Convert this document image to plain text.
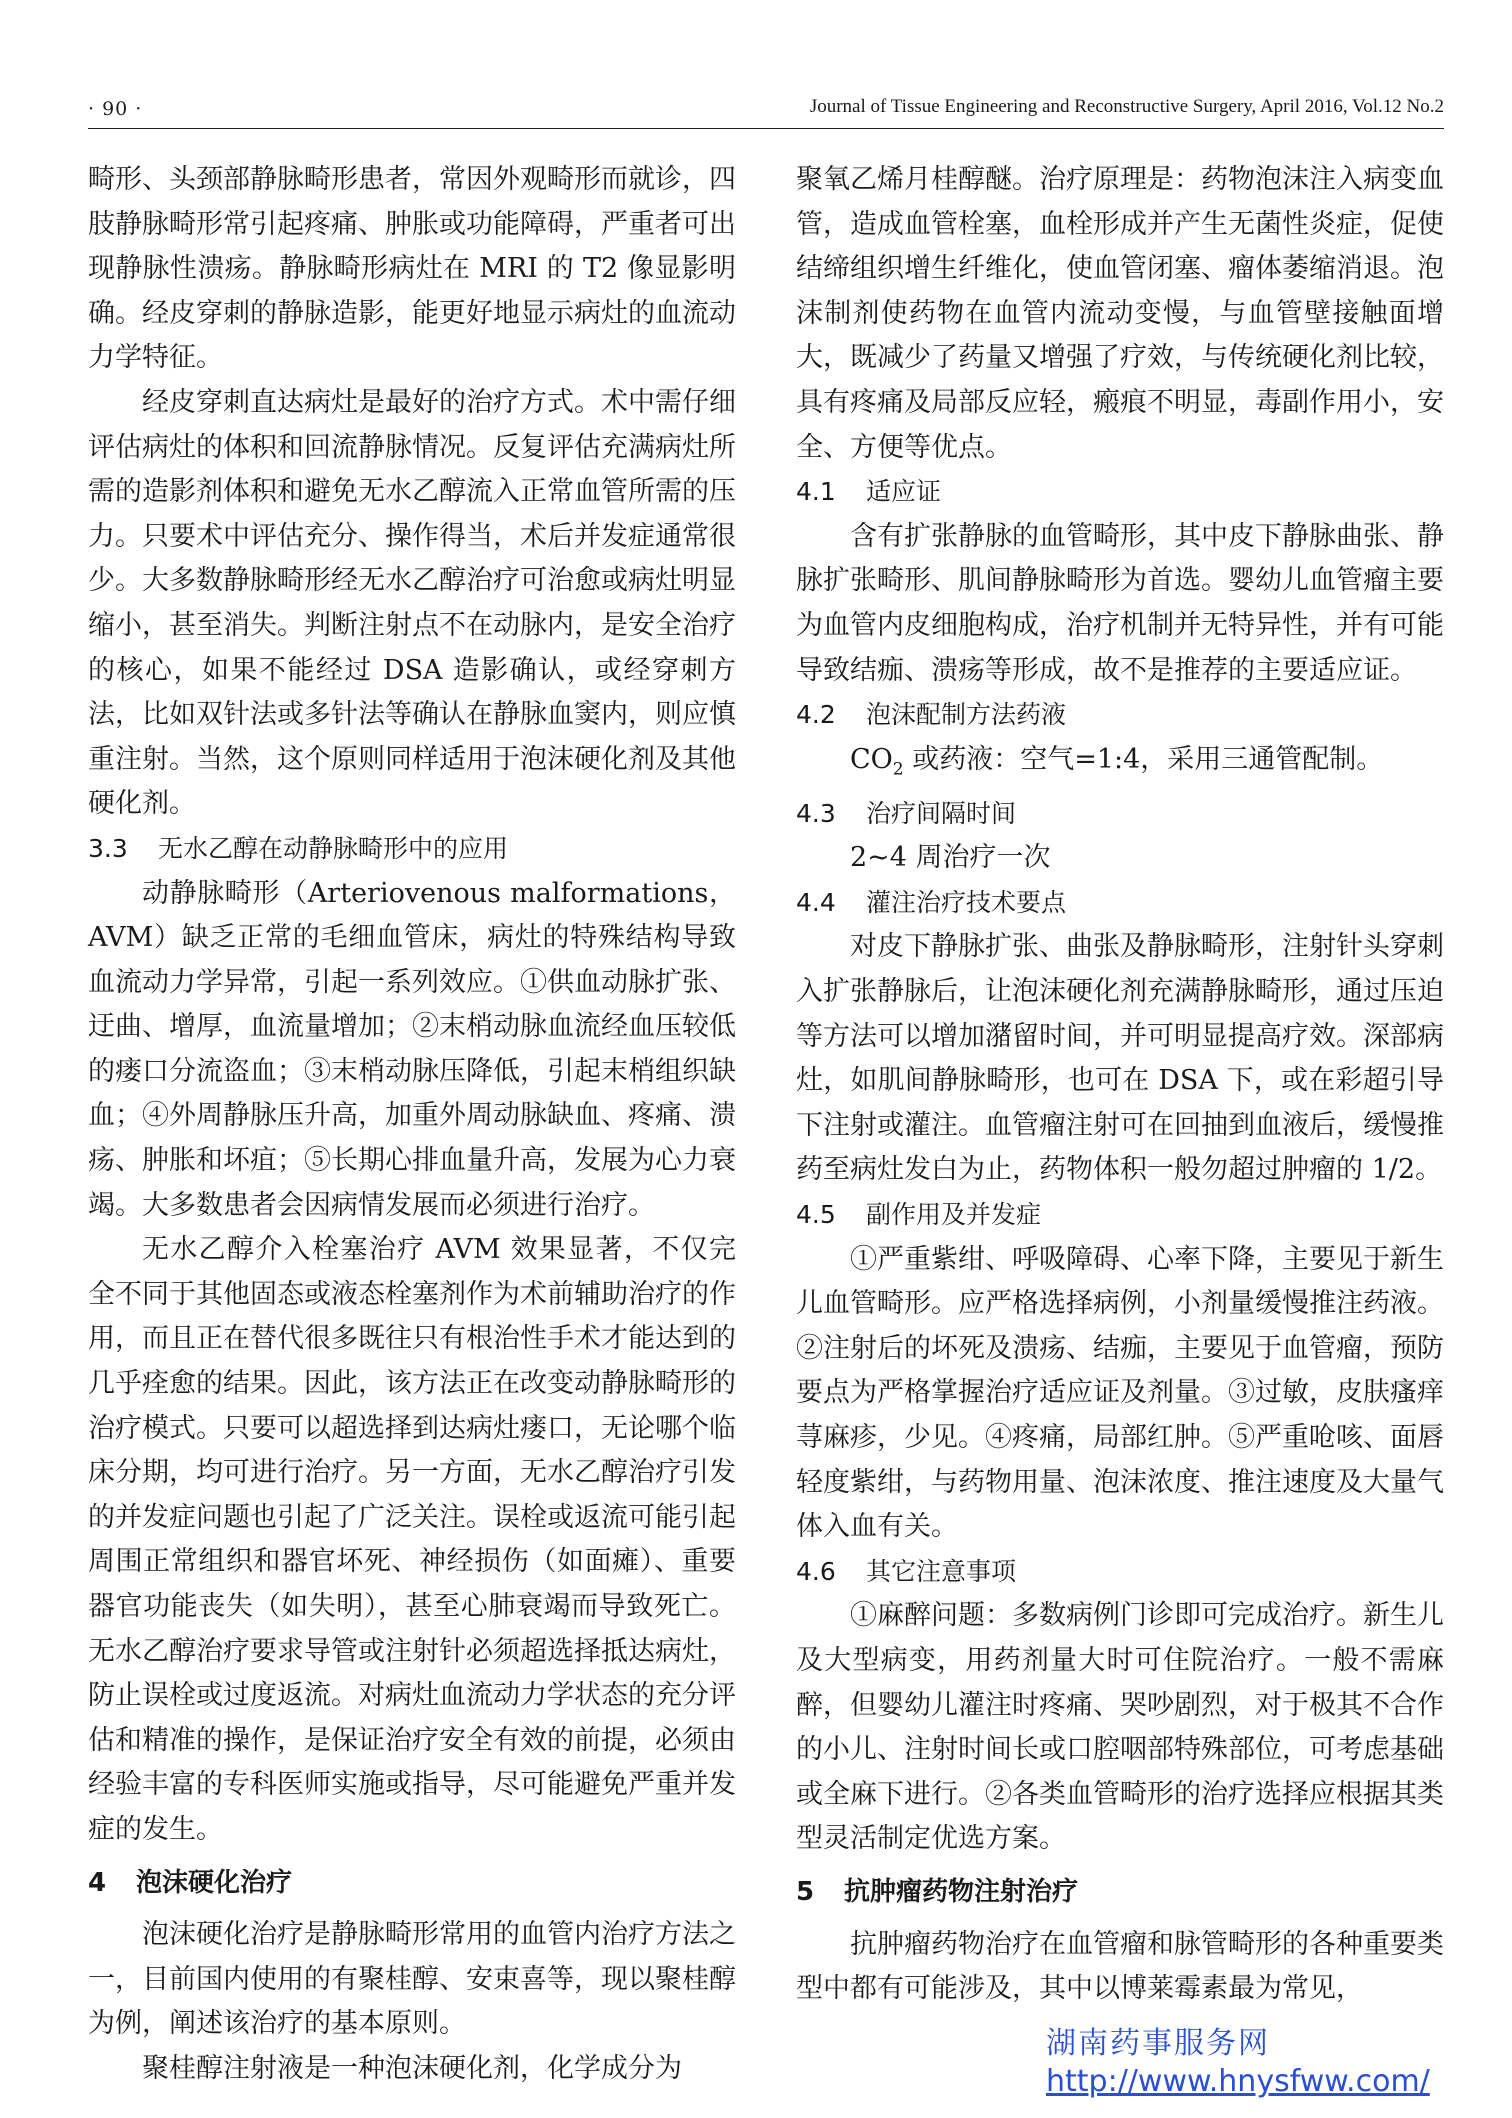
· 90 ·	Journal of Tissue Engineering and Reconstructive Surgery, April 2016, Vol.12 No.2

畸形、头颈部静脉畸形患者，常因外观畸形而就诊，四肢静脉畸形常引起疼痛、肿胀或功能障碍，严重者可出现静脉性溃疡。静脉畸形病灶在 MRI 的 T2 像显影明确。经皮穿刺的静脉造影，能更好地显示病灶的血流动力学特征。

经皮穿刺直达病灶是最好的治疗方式。术中需仔细评估病灶的体积和回流静脉情况。反复评估充满病灶所需的造影剂体积和避免无水乙醇流入正常血管所需的压力。只要术中评估充分、操作得当，术后并发症通常很少。大多数静脉畸形经无水乙醇治疗可治愈或病灶明显缩小，甚至消失。判断注射点不在动脉内，是安全治疗的核心，如果不能经过 DSA 造影确认，或经穿刺方法，比如双针法或多针法等确认在静脉血窦内，则应慎重注射。当然，这个原则同样适用于泡沫硬化剂及其他硬化剂。

3.3 无水乙醇在动静脉畸形中的应用

动静脉畸形（Arteriovenous malformations，AVM）缺乏正常的毛细血管床，病灶的特殊结构导致血流动力学异常，引起一系列效应。①供血动脉扩张、迂曲、增厚，血流量增加；②末梢动脉血流经血压较低的瘘口分流盗血；③末梢动脉压降低，引起末梢组织缺血；④外周静脉压升高，加重外周动脉缺血、疼痛、溃疡、肿胀和坏疽；⑤长期心排血量升高，发展为心力衰竭。大多数患者会因病情发展而必须进行治疗。

无水乙醇介入栓塞治疗 AVM 效果显著，不仅完全不同于其他固态或液态栓塞剂作为术前辅助治疗的作用，而且正在替代很多既往只有根治性手术才能达到的几乎痊愈的结果。因此，该方法正在改变动静脉畸形的治疗模式。只要可以超选择到达病灶瘘口，无论哪个临床分期，均可进行治疗。另一方面，无水乙醇治疗引发的并发症问题也引起了广泛关注。误栓或返流可能引起周围正常组织和器官坏死、神经损伤（如面瘫）、重要器官功能丧失（如失明），甚至心肺衰竭而导致死亡。无水乙醇治疗要求导管或注射针必须超选择抵达病灶，防止误栓或过度返流。对病灶血流动力学状态的充分评估和精准的操作，是保证治疗安全有效的前提，必须由经验丰富的专科医师实施或指导，尽可能避免严重并发症的发生。

4 泡沫硬化治疗

泡沫硬化治疗是静脉畸形常用的血管内治疗方法之一，目前国内使用的有聚桂醇、安束喜等，现以聚桂醇为例，阐述该治疗的基本原则。

聚桂醇注射液是一种泡沫硬化剂，化学成分为

聚氧乙烯月桂醇醚。治疗原理是：药物泡沫注入病变血管，造成血管栓塞，血栓形成并产生无菌性炎症，促使结缔组织增生纤维化，使血管闭塞、瘤体萎缩消退。泡沫制剂使药物在血管内流动变慢，与血管壁接触面增大，既减少了药量又增强了疗效，与传统硬化剂比较，具有疼痛及局部反应轻，瘢痕不明显，毒副作用小，安全、方便等优点。

4.1 适应证

含有扩张静脉的血管畸形，其中皮下静脉曲张、静脉扩张畸形、肌间静脉畸形为首选。婴幼儿血管瘤主要为血管内皮细胞构成，治疗机制并无特异性，并有可能导致结痂、溃疡等形成，故不是推荐的主要适应证。

4.2 泡沫配制方法药液

$CO_2$ 或药液：空气=1:4，采用三通管配制。

4.3 治疗间隔时间

2~4 周治疗一次

4.4 灌注治疗技术要点

对皮下静脉扩张、曲张及静脉畸形，注射针头穿刺入扩张静脉后，让泡沫硬化剂充满静脉畸形，通过压迫等方法可以增加潴留时间，并可明显提高疗效。深部病灶，如肌间静脉畸形，也可在 DSA 下，或在彩超引导下注射或灌注。血管瘤注射可在回抽到血液后，缓慢推药至病灶发白为止，药物体积一般勿超过肿瘤的 1/2。

4.5 副作用及并发症

①严重紫绀、呼吸障碍、心率下降，主要见于新生儿血管畸形。应严格选择病例，小剂量缓慢推注药液。②注射后的坏死及溃疡、结痂，主要见于血管瘤，预防要点为严格掌握治疗适应证及剂量。③过敏，皮肤瘙痒荨麻疹，少见。④疼痛，局部红肿。⑤严重呛咳、面唇轻度紫绀，与药物用量、泡沫浓度、推注速度及大量气体入血有关。

4.6 其它注意事项

①麻醉问题：多数病例门诊即可完成治疗。新生儿及大型病变，用药剂量大时可住院治疗。一般不需麻醉，但婴幼儿灌注时疼痛、哭吵剧烈，对于极其不合作的小儿、注射时间长或口腔咽部特殊部位，可考虑基础或全麻下进行。②各类血管畸形的治疗选择应根据其类型灵活制定优选方案。

5 抗肿瘤药物注射治疗

抗肿瘤药物治疗在血管瘤和脉管畸形的各种重要类型中都有可能涉及，其中以博莱霉素最为常见，

湖南药事服务网
http://www.hnysfww.com/
